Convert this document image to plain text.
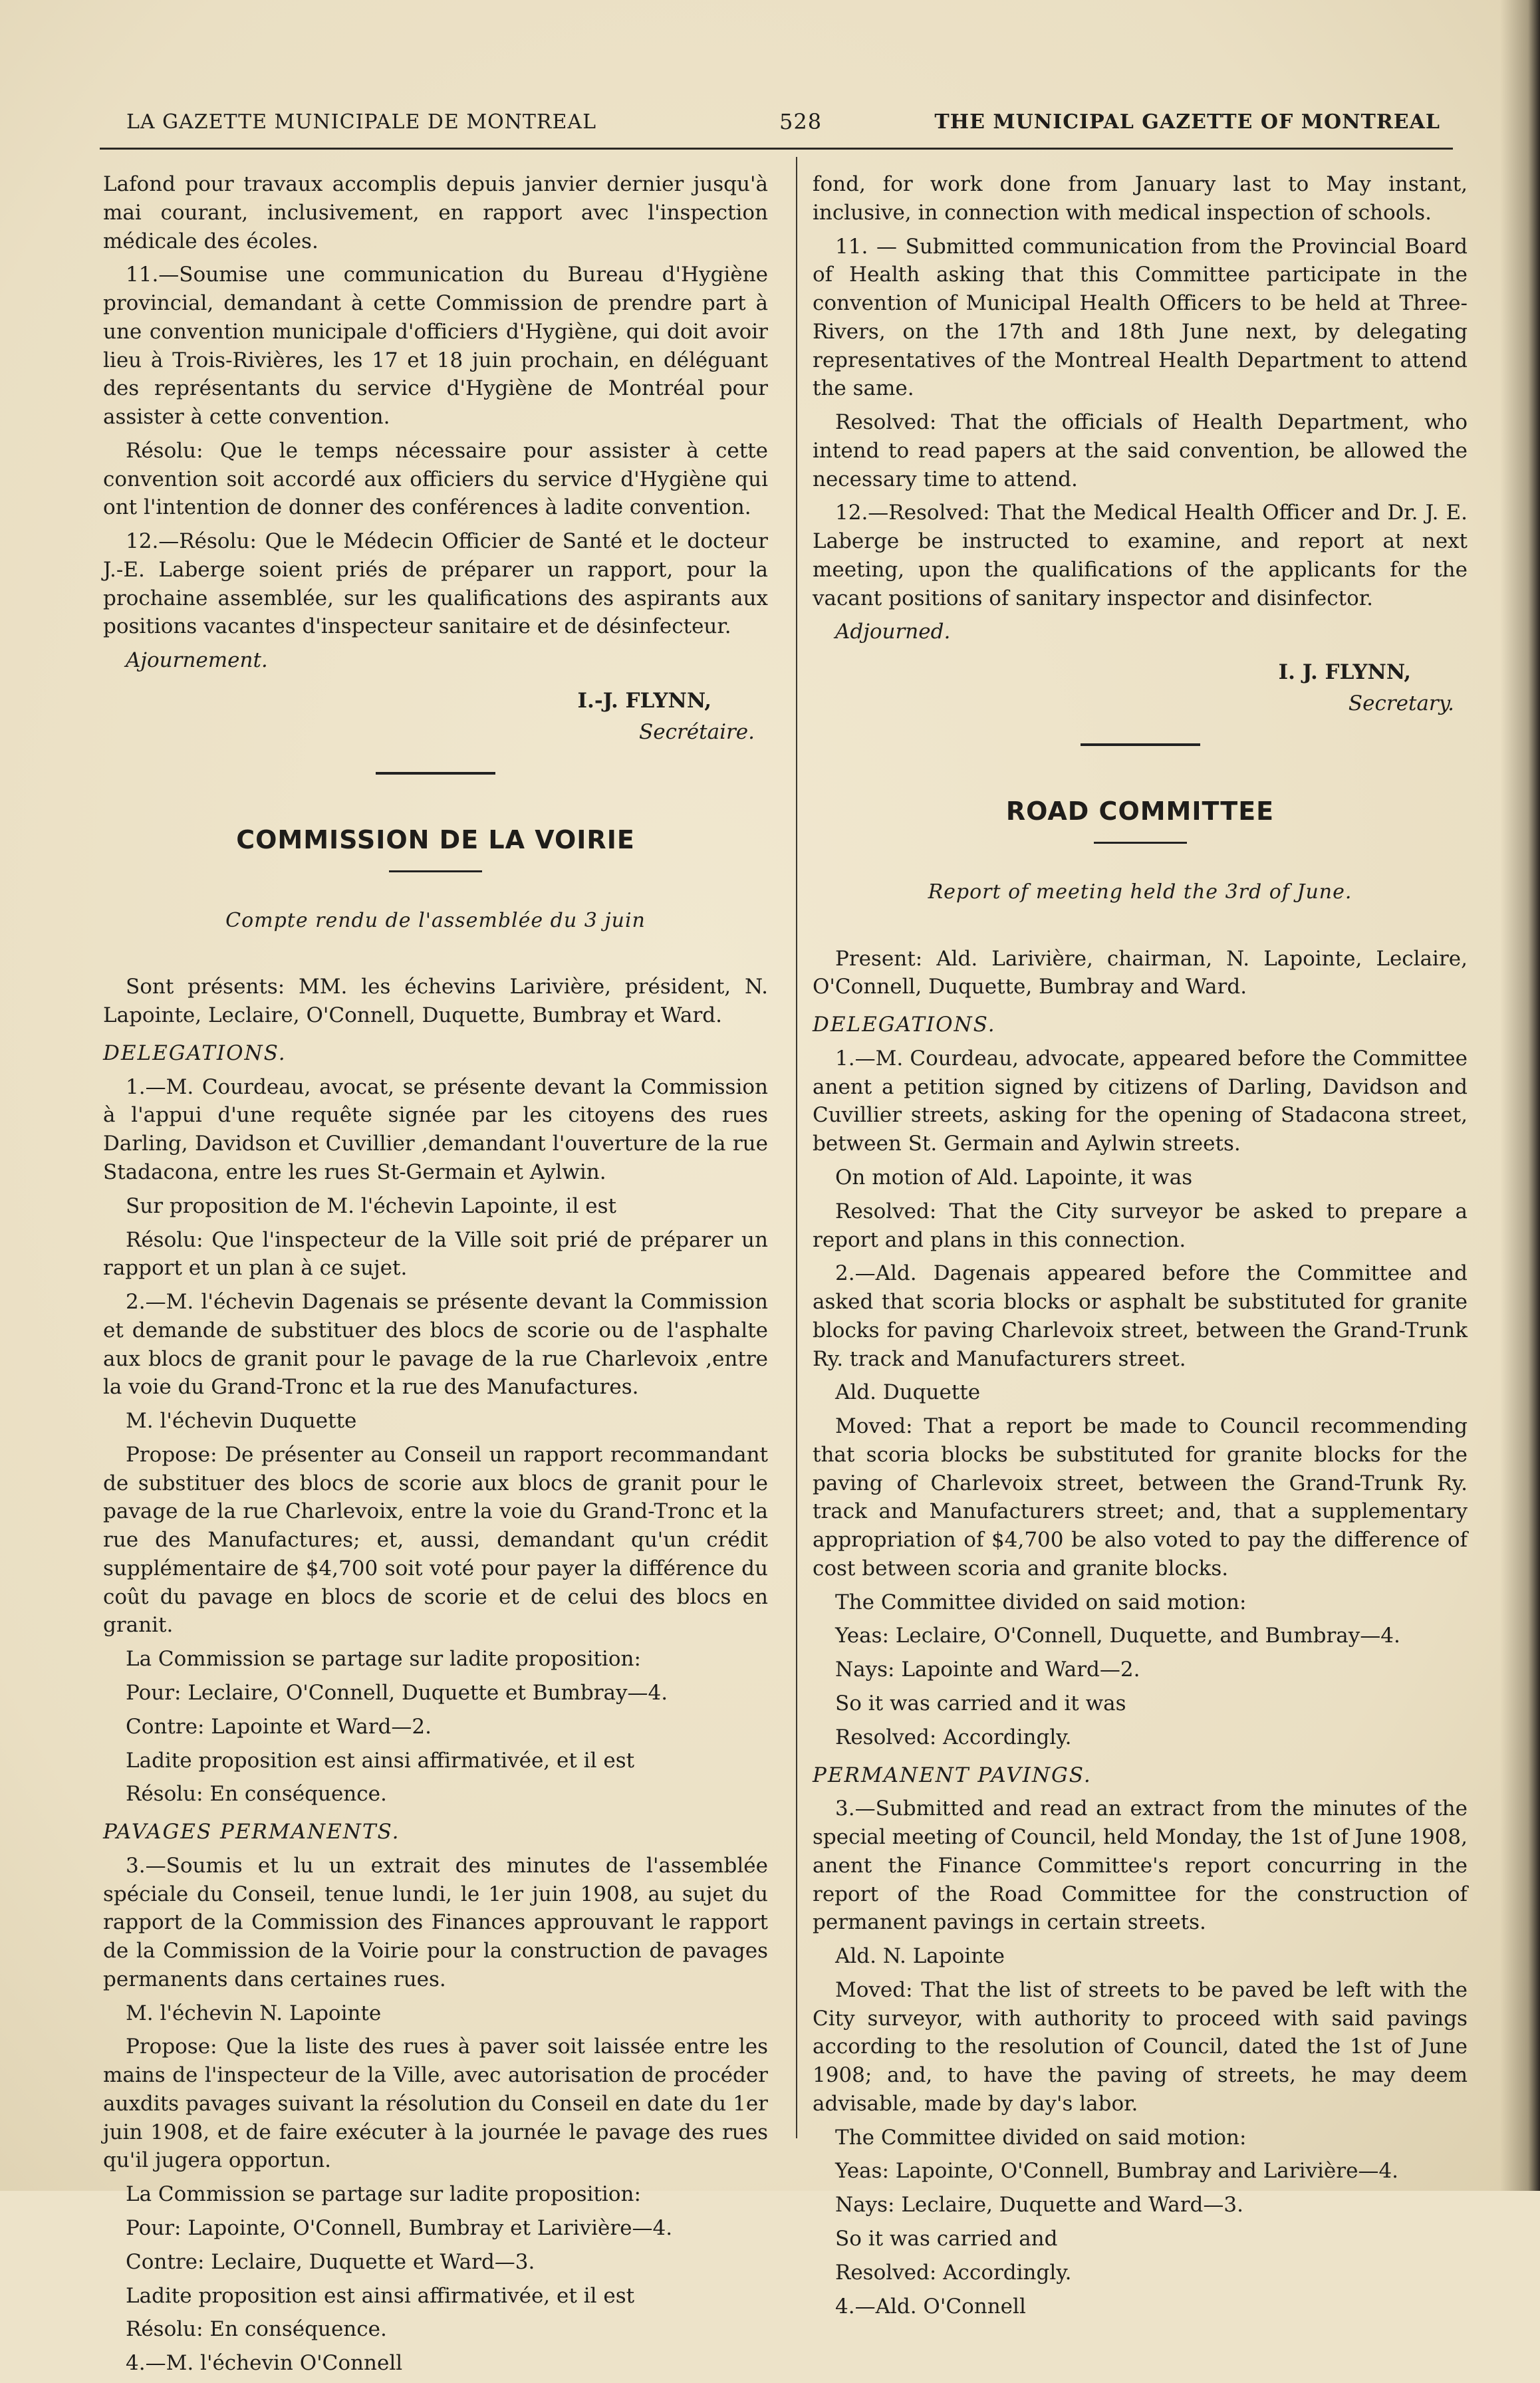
LA GAZETTE MUNICIPALE DE MONTREAL	528	THE MUNICIPAL GAZETTE OF MONTREAL

Lafond pour travaux accomplis depuis janvier dernier jusqu'à mai courant, inclusivement, en rapport avec l'inspection médicale des écoles.

11.—Soumise une communication du Bureau d'Hygiène provincial, demandant à cette Commission de prendre part à une convention municipale d'officiers d'Hygiène, qui doit avoir lieu à Trois-Rivières, les 17 et 18 juin prochain, en déléguant des représentants du service d'Hygiène de Montréal pour assister à cette convention.

Résolu: Que le temps nécessaire pour assister à cette convention soit accordé aux officiers du service d'Hygiène qui ont l'intention de donner des conférences à ladite convention.

12.—Résolu: Que le Médecin Officier de Santé et le docteur J.-E. Laberge soient priés de préparer un rapport, pour la prochaine assemblée, sur les qualifications des aspirants aux positions vacantes d'inspecteur sanitaire et de désinfecteur.

Ajournement.

I.-J. FLYNN,
Secrétaire.
COMMISSION DE LA VOIRIE
Compte rendu de l'assemblée du 3 juin

Sont présents: MM. les échevins Larivière, président, N. Lapointe, Leclaire, O'Connell, Duquette, Bumbray et Ward.

DELEGATIONS.

1.—M. Courdeau, avocat, se présente devant la Commission à l'appui d'une requête signée par les citoyens des rues Darling, Davidson et Cuvillier ,demandant l'ouverture de la rue Stadacona, entre les rues St-Germain et Aylwin.

Sur proposition de M. l'échevin Lapointe, il est

Résolu: Que l'inspecteur de la Ville soit prié de préparer un rapport et un plan à ce sujet.

2.—M. l'échevin Dagenais se présente devant la Commission et demande de substituer des blocs de scorie ou de l'asphalte aux blocs de granit pour le pavage de la rue Charlevoix ,entre la voie du Grand-Tronc et la rue des Manufactures.

M. l'échevin Duquette

Propose: De présenter au Conseil un rapport recommandant de substituer des blocs de scorie aux blocs de granit pour le pavage de la rue Charlevoix, entre la voie du Grand-Tronc et la rue des Manufactures; et, aussi, demandant qu'un crédit supplémentaire de $4,700 soit voté pour payer la différence du coût du pavage en blocs de scorie et de celui des blocs en granit.

La Commission se partage sur ladite proposition:

Pour: Leclaire, O'Connell, Duquette et Bumbray—4.

Contre: Lapointe et Ward—2.

Ladite proposition est ainsi affirmativée, et il est

Résolu: En conséquence.

PAVAGES PERMANENTS.

3.—Soumis et lu un extrait des minutes de l'assemblée spéciale du Conseil, tenue lundi, le 1er juin 1908, au sujet du rapport de la Commission des Finances approuvant le rapport de la Commission de la Voirie pour la construction de pavages permanents dans certaines rues.

M. l'échevin N. Lapointe

Propose: Que la liste des rues à paver soit laissée entre les mains de l'inspecteur de la Ville, avec autorisation de procéder auxdits pavages suivant la résolution du Conseil en date du 1er juin 1908, et de faire exécuter à la journée le pavage des rues qu'il jugera opportun.

La Commission se partage sur ladite proposition:

Pour: Lapointe, O'Connell, Bumbray et Larivière—4.

Contre: Leclaire, Duquette et Ward—3.

Ladite proposition est ainsi affirmativée, et il est

Résolu: En conséquence.

4.—M. l'échevin O'Connell

fond, for work done from January last to May instant, inclusive, in connection with medical inspection of schools.

11. — Submitted communication from the Provincial Board of Health asking that this Committee participate in the convention of Municipal Health Officers to be held at Three-Rivers, on the 17th and 18th June next, by delegating representatives of the Montreal Health Department to attend the same.

Resolved: That the officials of Health Department, who intend to read papers at the said convention, be allowed the necessary time to attend.

12.—Resolved: That the Medical Health Officer and Dr. J. E. Laberge be instructed to examine, and report at next meeting, upon the qualifications of the applicants for the vacant positions of sanitary inspector and disinfector.

Adjourned.

I. J. FLYNN,
Secretary.
ROAD COMMITTEE
Report of meeting held the 3rd of June.

Present: Ald. Larivière, chairman, N. Lapointe, Leclaire, O'Connell, Duquette, Bumbray and Ward.

DELEGATIONS.

1.—M. Courdeau, advocate, appeared before the Committee anent a petition signed by citizens of Darling, Davidson and Cuvillier streets, asking for the opening of Stadacona street, between St. Germain and Aylwin streets.

On motion of Ald. Lapointe, it was

Resolved: That the City surveyor be asked to prepare a report and plans in this connection.

2.—Ald. Dagenais appeared before the Committee and asked that scoria blocks or asphalt be substituted for granite blocks for paving Charlevoix street, between the Grand-Trunk Ry. track and Manufacturers street.

Ald. Duquette

Moved: That a report be made to Council recommending that scoria blocks be substituted for granite blocks for the paving of Charlevoix street, between the Grand-Trunk Ry. track and Manufacturers street; and, that a supplementary appropriation of $4,700 be also voted to pay the difference of cost between scoria and granite blocks.

The Committee divided on said motion:

Yeas: Leclaire, O'Connell, Duquette, and Bumbray—4.

Nays: Lapointe and Ward—2.

So it was carried and it was

Resolved: Accordingly.

PERMANENT PAVINGS.

3.—Submitted and read an extract from the minutes of the special meeting of Council, held Monday, the 1st of June 1908, anent the Finance Committee's report concurring in the report of the Road Committee for the construction of permanent pavings in certain streets.

Ald. N. Lapointe

Moved: That the list of streets to be paved be left with the City surveyor, with authority to proceed with said pavings according to the resolution of Council, dated the 1st of June 1908; and, to have the paving of streets, he may deem advisable, made by day's labor.

The Committee divided on said motion:

Yeas: Lapointe, O'Connell, Bumbray and Larivière—4.

Nays: Leclaire, Duquette and Ward—3.

So it was carried and

Resolved: Accordingly.

4.—Ald. O'Connell
